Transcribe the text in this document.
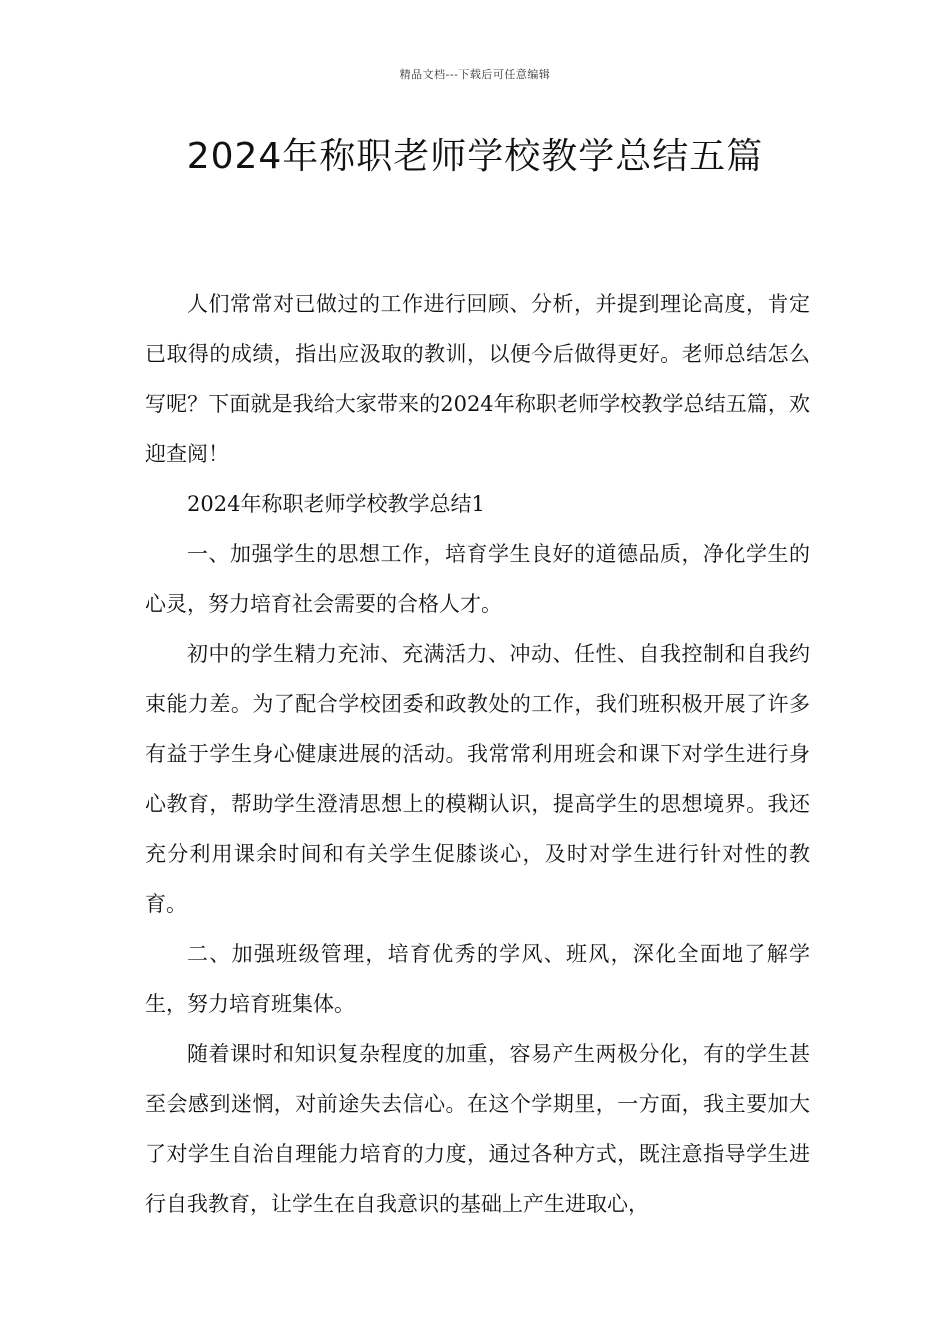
精品文档---下载后可任意编辑
2024年称职老师学校教学总结五篇

人们常常对已做过的工作进行回顾、分析，并提到理论高度，肯定已取得的成绩，指出应汲取的教训，以便今后做得更好。老师总结怎么写呢？下面就是我给大家带来的2024年称职老师学校教学总结五篇，欢迎查阅！

2024年称职老师学校教学总结1

一、加强学生的思想工作，培育学生良好的道德品质，净化学生的心灵，努力培育社会需要的合格人才。

初中的学生精力充沛、充满活力、冲动、任性、自我控制和自我约束能力差。为了配合学校团委和政教处的工作，我们班积极开展了许多有益于学生身心健康进展的活动。我常常利用班会和课下对学生进行身心教育，帮助学生澄清思想上的模糊认识，提高学生的思想境界。我还充分利用课余时间和有关学生促膝谈心，及时对学生进行针对性的教育。

二、加强班级管理，培育优秀的学风、班风，深化全面地了解学生，努力培育班集体。

随着课时和知识复杂程度的加重，容易产生两极分化，有的学生甚至会感到迷惘，对前途失去信心。在这个学期里，一方面，我主要加大了对学生自治自理能力培育的力度，通过各种方式，既注意指导学生进行自我教育，让学生在自我意识的基础上产生进取心，
